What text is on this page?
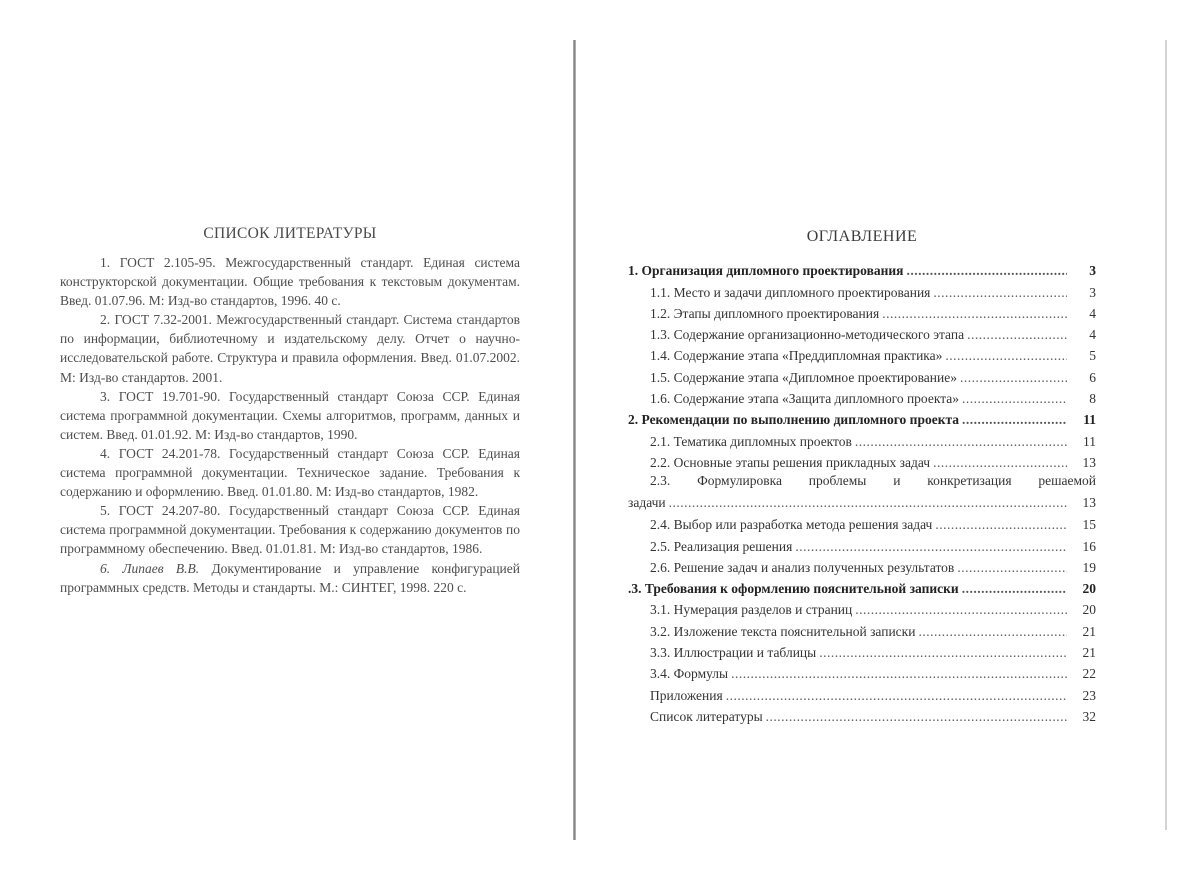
СПИСОК ЛИТЕРАТУРЫ

1. ГОСТ 2.105-95. Межгосударственный стандарт. Единая система конструкторской документации. Общие требования к текстовым документам. Введ. 01.07.96. М: Изд-во стандартов, 1996. 40 с.

2. ГОСТ 7.32-2001. Межгосударственный стандарт. Система стандартов по информации, библиотечному и издательскому делу. Отчет о научно-исследовательской работе. Структура и правила оформления. Введ. 01.07.2002. М: Изд-во стандартов. 2001.

3. ГОСТ 19.701-90. Государственный стандарт Союза ССР. Единая система программной документации. Схемы алгоритмов, программ, данных и систем. Введ. 01.01.92. М: Изд-во стандартов, 1990.

4. ГОСТ 24.201-78. Государственный стандарт Союза ССР. Единая система программной документации. Техническое задание. Требования к содержанию и оформлению. Введ. 01.01.80. М: Изд-во стандартов, 1982.

5. ГОСТ 24.207-80. Государственный стандарт Союза ССР. Единая система программной документации. Требования к содержанию документов по программному обеспечению. Введ. 01.01.81. М: Изд-во стандартов, 1986.

6. Липаев В.В. Документирование и управление конфигурацией программных средств. Методы и стандарты. М.: СИНТЕГ, 1998. 220 с.

ОГЛАВЛЕНИЕ
1. Организация дипломного проектирования .....	3
1.1. Место и задачи дипломного проектирования .....	3
1.2. Этапы дипломного проектирования .....	4
1.3. Содержание организационно-методического этапа .....	4
1.4. Содержание этапа «Преддипломная практика» .....	5
1.5. Содержание этапа «Дипломное проектирование» .....	6
1.6. Содержание этапа «Защита дипломного проекта» .....	8
2. Рекомендации по выполнению дипломного проекта .....	11
2.1. Тематика дипломных проектов .....	11
2.2. Основные этапы решения прикладных задач .....	13
2.3. Формулировка проблемы и конкретизация решаемой
задачи .....	13
2.4. Выбор или разработка метода решения задач .....	15
2.5. Реализация решения .....	16
2.6. Решение задач и анализ полученных результатов .....	19
.3. Требования к оформлению пояснительной записки .....	20
3.1. Нумерация разделов и страниц .....	20
3.2. Изложение текста пояснительной записки .....	21
3.3. Иллюстрации и таблицы .....	21
3.4. Формулы .....	22
Приложения .....	23
Список литературы .....	32
